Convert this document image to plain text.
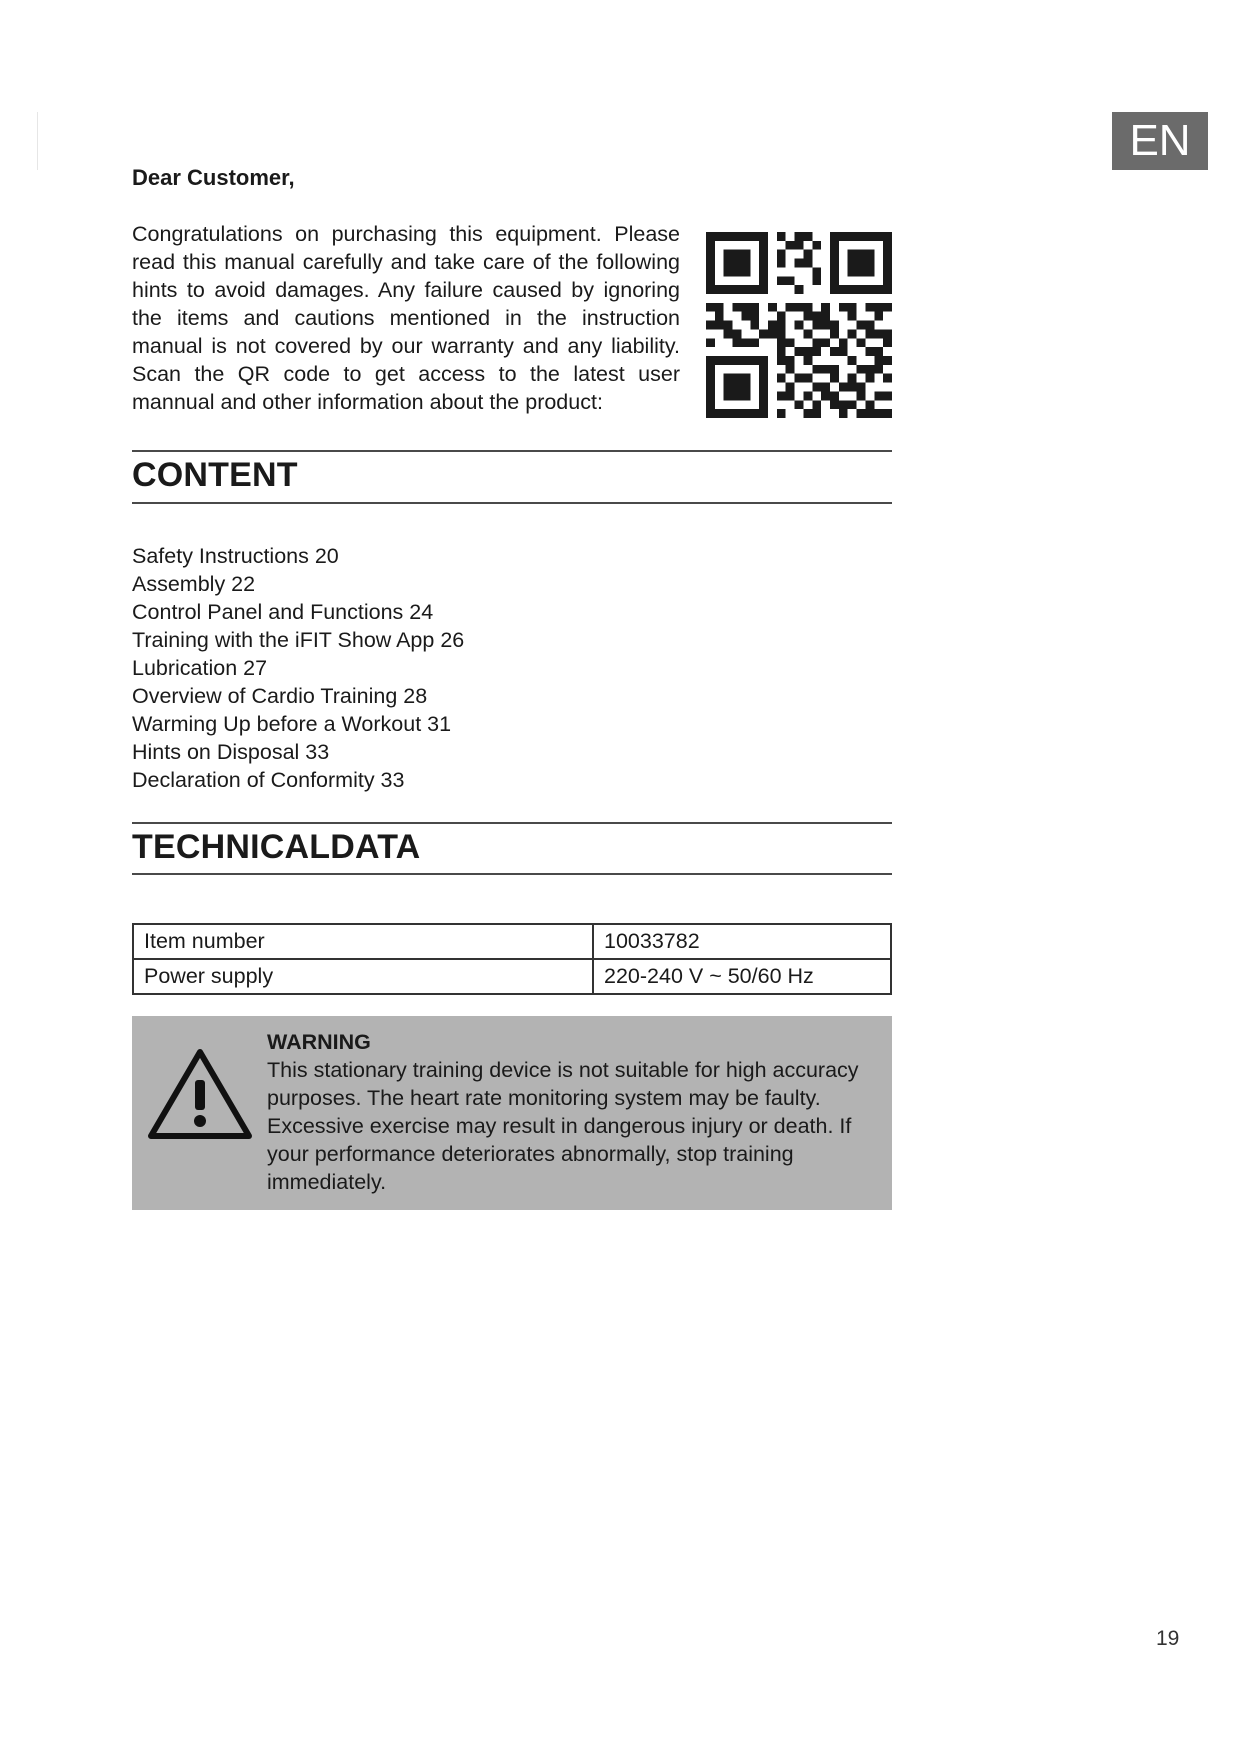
EN
Dear Customer,
Congratulations on purchasing this equipment. Please read this manual carefully and take care of the following hints to avoid damages. Any failure caused by ignoring the items and cautions mentioned in the instruction manual is not covered by our warranty and any liability. Scan the QR code to get access to the latest user mannual and other information about the product:
CONTENT
Safety Instructions 20
Assembly 22
Control Panel and Functions 24
Training with the iFIT Show App 26
Lubrication 27
Overview of Cardio Training 28
Warming Up before a Workout 31
Hints on Disposal 33
Declaration of Conformity 33
TECHNICALDATA
Item number	10033782
Power supply	220-240 V ~ 50/60 Hz
WARNING
This stationary training device is not suitable for high accuracy purposes. The heart rate monitoring system may be faulty. Excessive exercise may result in dangerous injury or death. If your performance deteriorates abnormally, stop training immediately.
19
